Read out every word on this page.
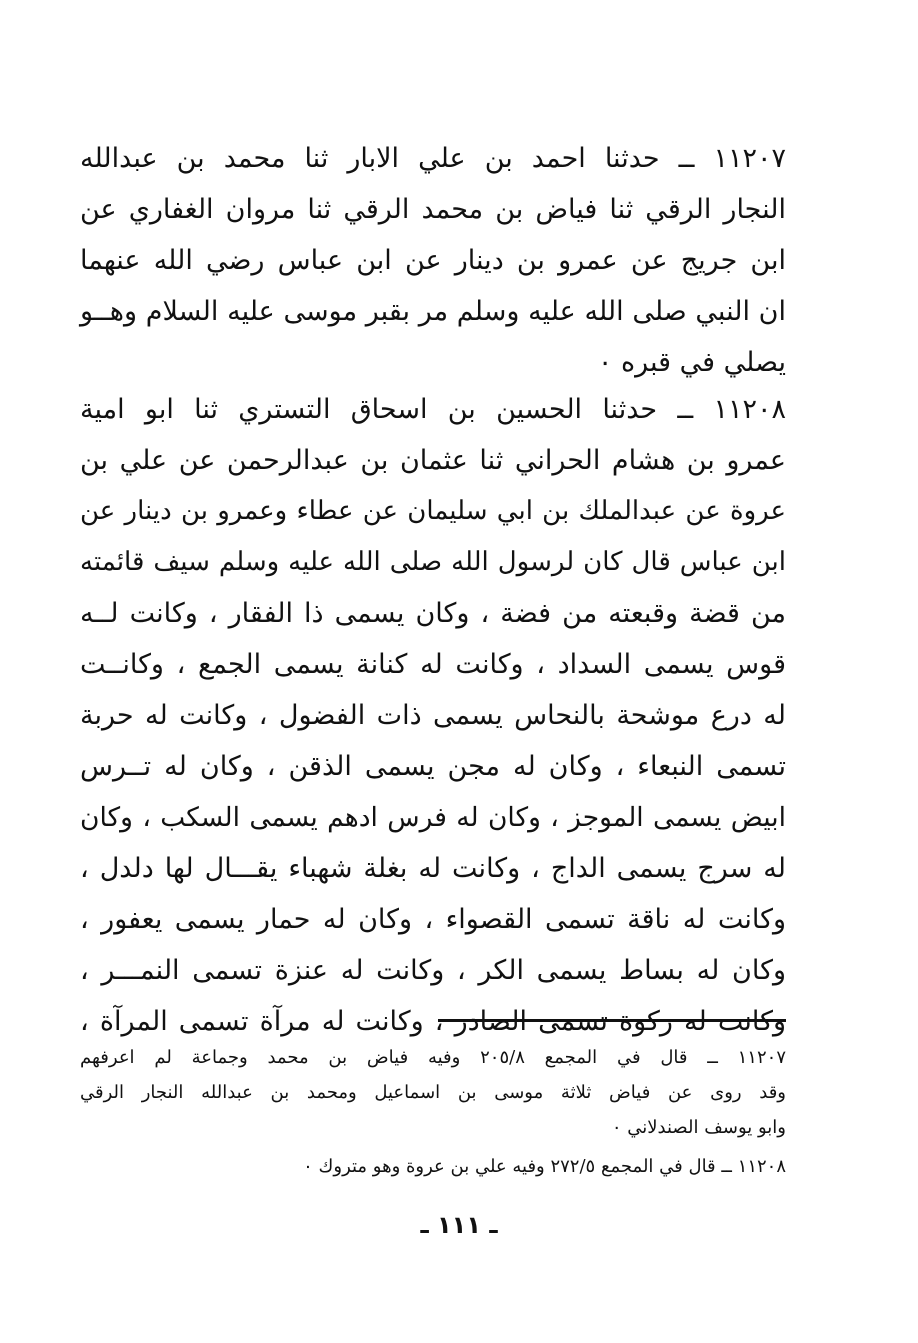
١١٢٠٧ ــ حدثنا احمد بن علي الابار ثنا محمد بن عبدالله
النجار الرقي ثنا فياض بن محمد الرقي ثنا مروان الغفاري عن
ابن جريج عن عمرو بن دينار عن ابن عباس رضي الله عنهما
ان النبي صلى الله عليه وسلم مر بقبر موسى عليه السلام وهــو
يصلي في قبره ٠
١١٢٠٨ ــ حدثنا الحسين بن اسحاق التستري ثنا ابو امية
عمرو بن هشام الحراني ثنا عثمان بن عبدالرحمن عن علي بن
عروة عن عبدالملك بن ابي سليمان عن عطاء وعمرو بن دينار عن
ابن عباس قال كان لرسول الله صلى الله عليه وسلم سيف قائمته
من قضة وقبعته من فضة ، وكان يسمى ذا الفقار ، وكانت لــه
قوس يسمى السداد ، وكانت له كنانة يسمى الجمع ، وكانــت
له درع موشحة بالنحاس يسمى ذات الفضول ، وكانت له حربة
تسمى النبعاء ، وكان له مجن يسمى الذقن ، وكان له تــرس
ابيض يسمى الموجز ، وكان له فرس ادهم يسمى السكب ، وكان
له سرج يسمى الداج ، وكانت له بغلة شهباء يقـــال لها دلدل ،
وكانت له ناقة تسمى القصواء ، وكان له حمار يسمى يعفور ،
وكان له بساط يسمى الكر ، وكانت له عنزة تسمى النمـــر ،
وكانت له ركوة تسمى الصادر ، وكانت له مرآة تسمى المرآة ،
١١٢٠٧ ــ قال في المجمع ٢٠٥/٨ وفيه فياض بن محمد وجماعة لم اعرفهم
وقد روى عن فياض ثلاثة موسى بن اسماعيل ومحمد بن عبدالله النجار الرقي
وابو يوسف الصندلاني ٠
١١٢٠٨ ــ قال في المجمع ٢٧٢/٥ وفيه علي بن عروة وهو متروك ٠
ـ ١١١ ـ
